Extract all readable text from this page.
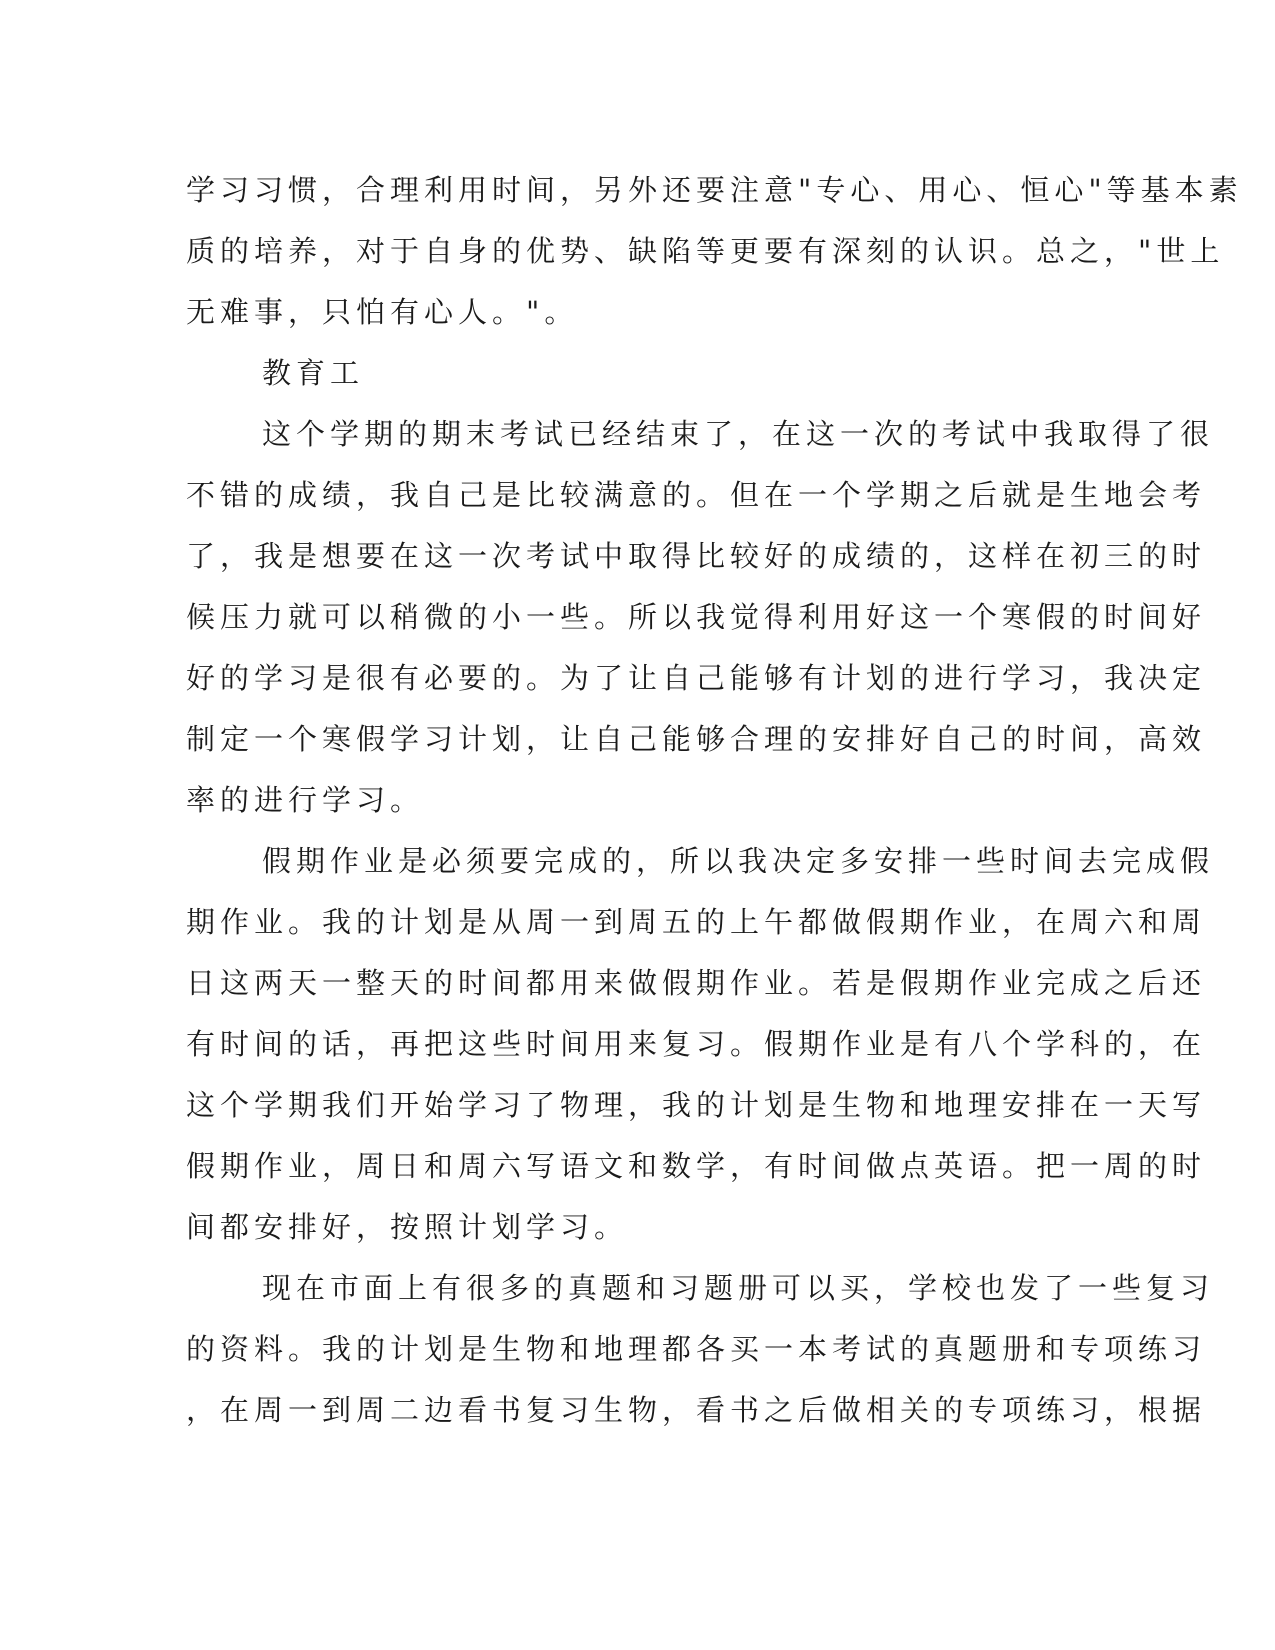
学习习惯，合理利用时间，另外还要注意"专心、用心、恒心"等基本素
质的培养，对于自身的优势、缺陷等更要有深刻的认识。总之，"世上
无难事，只怕有心人。"。
教育工
这个学期的期末考试已经结束了，在这一次的考试中我取得了很
不错的成绩，我自己是比较满意的。但在一个学期之后就是生地会考
了，我是想要在这一次考试中取得比较好的成绩的，这样在初三的时
候压力就可以稍微的小一些。所以我觉得利用好这一个寒假的时间好
好的学习是很有必要的。为了让自己能够有计划的进行学习，我决定
制定一个寒假学习计划，让自己能够合理的安排好自己的时间，高效
率的进行学习。
假期作业是必须要完成的，所以我决定多安排一些时间去完成假
期作业。我的计划是从周一到周五的上午都做假期作业，在周六和周
日这两天一整天的时间都用来做假期作业。若是假期作业完成之后还
有时间的话，再把这些时间用来复习。假期作业是有八个学科的，在
这个学期我们开始学习了物理，我的计划是生物和地理安排在一天写
假期作业，周日和周六写语文和数学，有时间做点英语。把一周的时
间都安排好，按照计划学习。
现在市面上有很多的真题和习题册可以买，学校也发了一些复习
的资料。我的计划是生物和地理都各买一本考试的真题册和专项练习
，在周一到周二边看书复习生物，看书之后做相关的专项练习，根据
